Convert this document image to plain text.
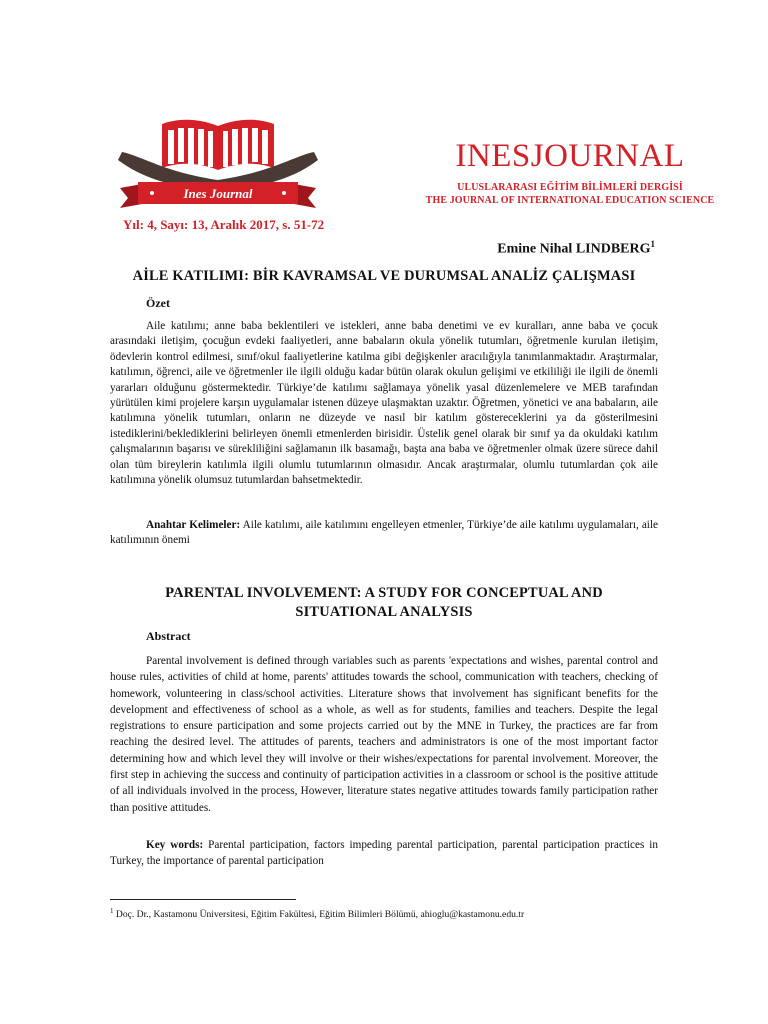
Ines Journal
INESJOURNAL
ULUSLARARASI EĞİTİM BİLİMLERİ DERGİSİ
THE JOURNAL OF INTERNATIONAL EDUCATION SCIENCE
Yıl: 4, Sayı: 13, Aralık 2017, s. 51-72
Emine Nihal LINDBERG$^1$
AİLE KATILIMI: BİR KAVRAMSAL VE DURUMSAL ANALİZ ÇALIŞMASI
Özet
Aile katılımı; anne baba beklentileri ve istekleri, anne baba denetimi ve ev kuralları, anne baba ve çocuk arasındaki iletişim, çocuğun evdeki faaliyetleri, anne babaların okula yönelik tutumları, öğretmenle kurulan iletişim, ödevlerin kontrol edilmesi, sınıf/okul faaliyetlerine katılma gibi değişkenler aracılığıyla tanımlanmaktadır. Araştırmalar, katılımın, öğrenci, aile ve öğretmenler ile ilgili olduğu kadar bütün olarak okulun gelişimi ve etkililiği ile ilgili de önemli yararları olduğunu göstermektedir. Türkiye’de katılımı sağlamaya yönelik yasal düzenlemelere ve MEB tarafından yürütülen kimi projelere karşın uygulamalar istenen düzeye ulaşmaktan uzaktır. Öğretmen, yönetici ve ana babaların, aile katılımına yönelik tutumları, onların ne düzeyde ve nasıl bir katılım göstereceklerini ya da gösterilmesini istediklerini/beklediklerini belirleyen önemli etmenlerden birisidir. Üstelik genel olarak bir sınıf ya da okuldaki katılım çalışmalarının başarısı ve sürekliliğini sağlamanın ilk basamağı, başta ana baba ve öğretmenler olmak üzere sürece dahil olan tüm bireylerin katılımla ilgili olumlu tutumlarının olmasıdır. Ancak araştırmalar, olumlu tutumlardan çok aile katılımına yönelik olumsuz tutumlardan bahsetmektedir.
Anahtar Kelimeler: Aile katılımı, aile katılımını engelleyen etmenler, Türkiye’de aile katılımı uygulamaları, aile katılımının önemi
PARENTAL INVOLVEMENT: A STUDY FOR CONCEPTUAL AND
SITUATIONAL ANALYSIS
Abstract
Parental involvement is defined through variables such as parents 'expectations and wishes, parental control and house rules, activities of child at home, parents' attitudes towards the school, communication with teachers, checking of homework, volunteering in class/school activities. Literature shows that involvement has significant benefits for the development and effectiveness of school as a whole, as well as for students, families and teachers. Despite the legal registrations to ensure participation and some projects carried out by the MNE in Turkey, the practices are far from reaching the desired level. The attitudes of parents, teachers and administrators is one of the most important factor determining how and which level they will involve or their wishes/expectations for parental involvement. Moreover, the first step in achieving the success and continuity of participation activities in a classroom or school is the positive attitude of all individuals involved in the process, However, literature states negative attitudes towards family participation rather than positive attitudes.
Key words: Parental participation, factors impeding parental participation, parental participation practices in Turkey, the importance of parental participation
$^1$ Doç. Dr., Kastamonu Üniversitesi, Eğitim Fakültesi, Eğitim Bilimleri Bölümü, ahioglu@kastamonu.edu.tr
